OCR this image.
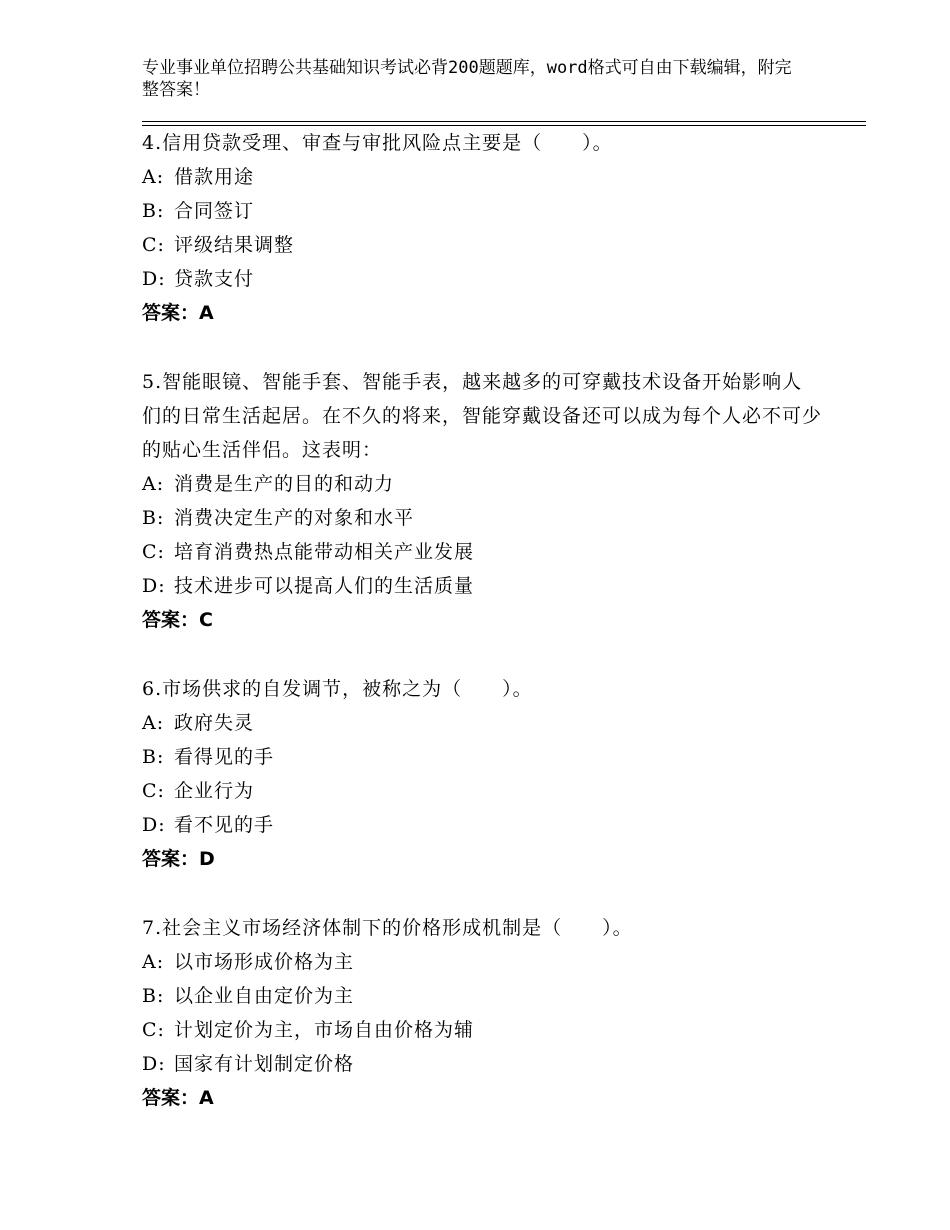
专业事业单位招聘公共基础知识考试必背200题题库，word格式可自由下载编辑，附完整答案！
4.信用贷款受理、审查与审批风险点主要是（　　）。
A: 借款用途
B: 合同签订
C: 评级结果调整
D: 贷款支付
答案：A
5.智能眼镜、智能手套、智能手表，越来越多的可穿戴技术设备开始影响人们的日常生活起居。在不久的将来，智能穿戴设备还可以成为每个人必不可少的贴心生活伴侣。这表明：
A: 消费是生产的目的和动力
B: 消费决定生产的对象和水平
C: 培育消费热点能带动相关产业发展
D: 技术进步可以提高人们的生活质量
答案：C
6.市场供求的自发调节，被称之为（　　）。
A: 政府失灵
B: 看得见的手
C: 企业行为
D: 看不见的手
答案：D
7.社会主义市场经济体制下的价格形成机制是（　　）。
A: 以市场形成价格为主
B: 以企业自由定价为主
C: 计划定价为主，市场自由价格为辅
D: 国家有计划制定价格
答案：A
